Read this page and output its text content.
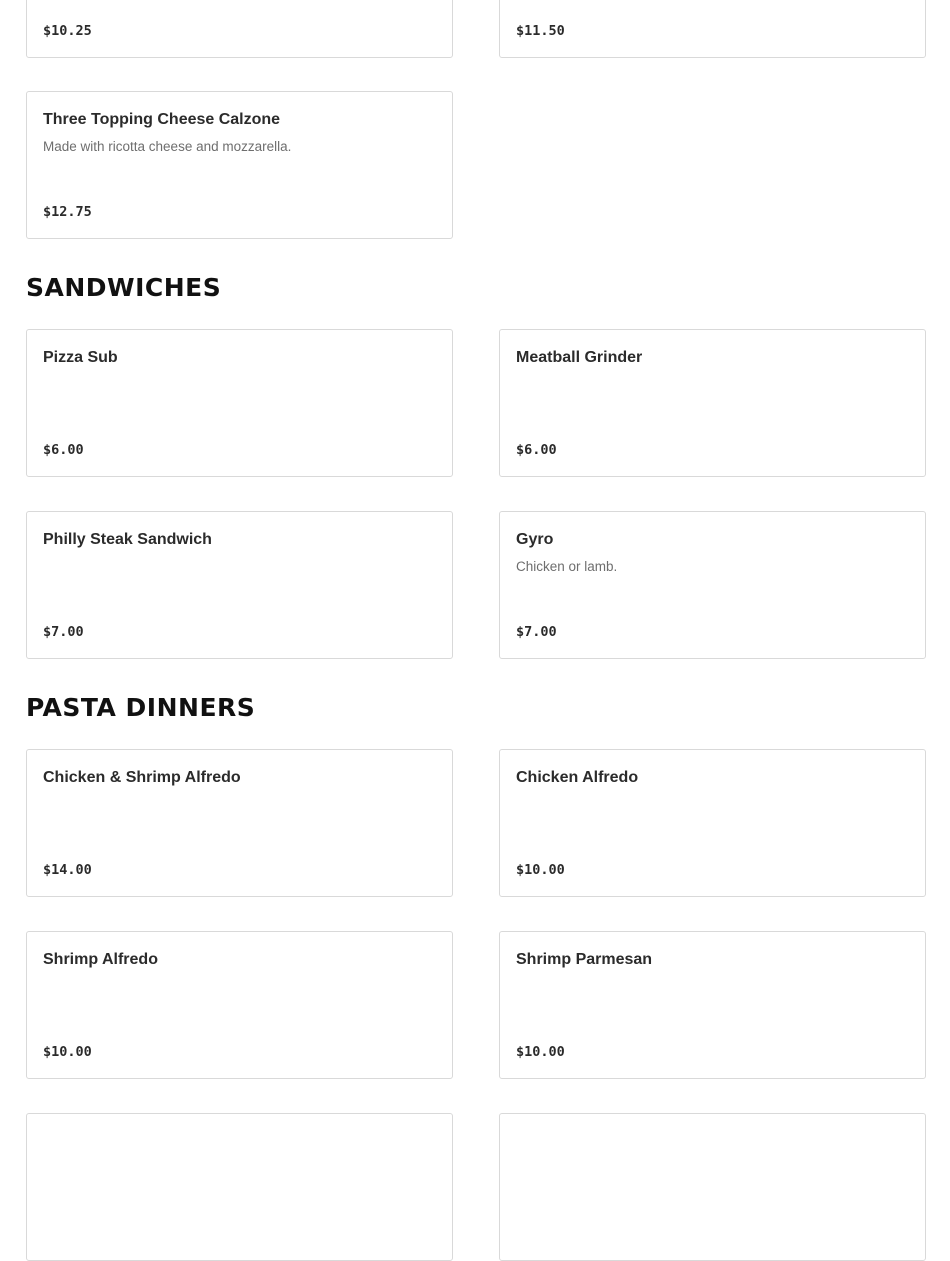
$10.25	$11.50
Three Topping Cheese Calzone
Made with ricotta cheese and mozzarella.
$12.75
SANDWICHES
Pizza Sub
$6.00
Meatball Grinder
$6.00
Philly Steak Sandwich
$7.00
Gyro
Chicken or lamb.
$7.00
PASTA DINNERS
Chicken & Shrimp Alfredo
$14.00
Chicken Alfredo
$10.00
Shrimp Alfredo
$10.00
Shrimp Parmesan
$10.00
